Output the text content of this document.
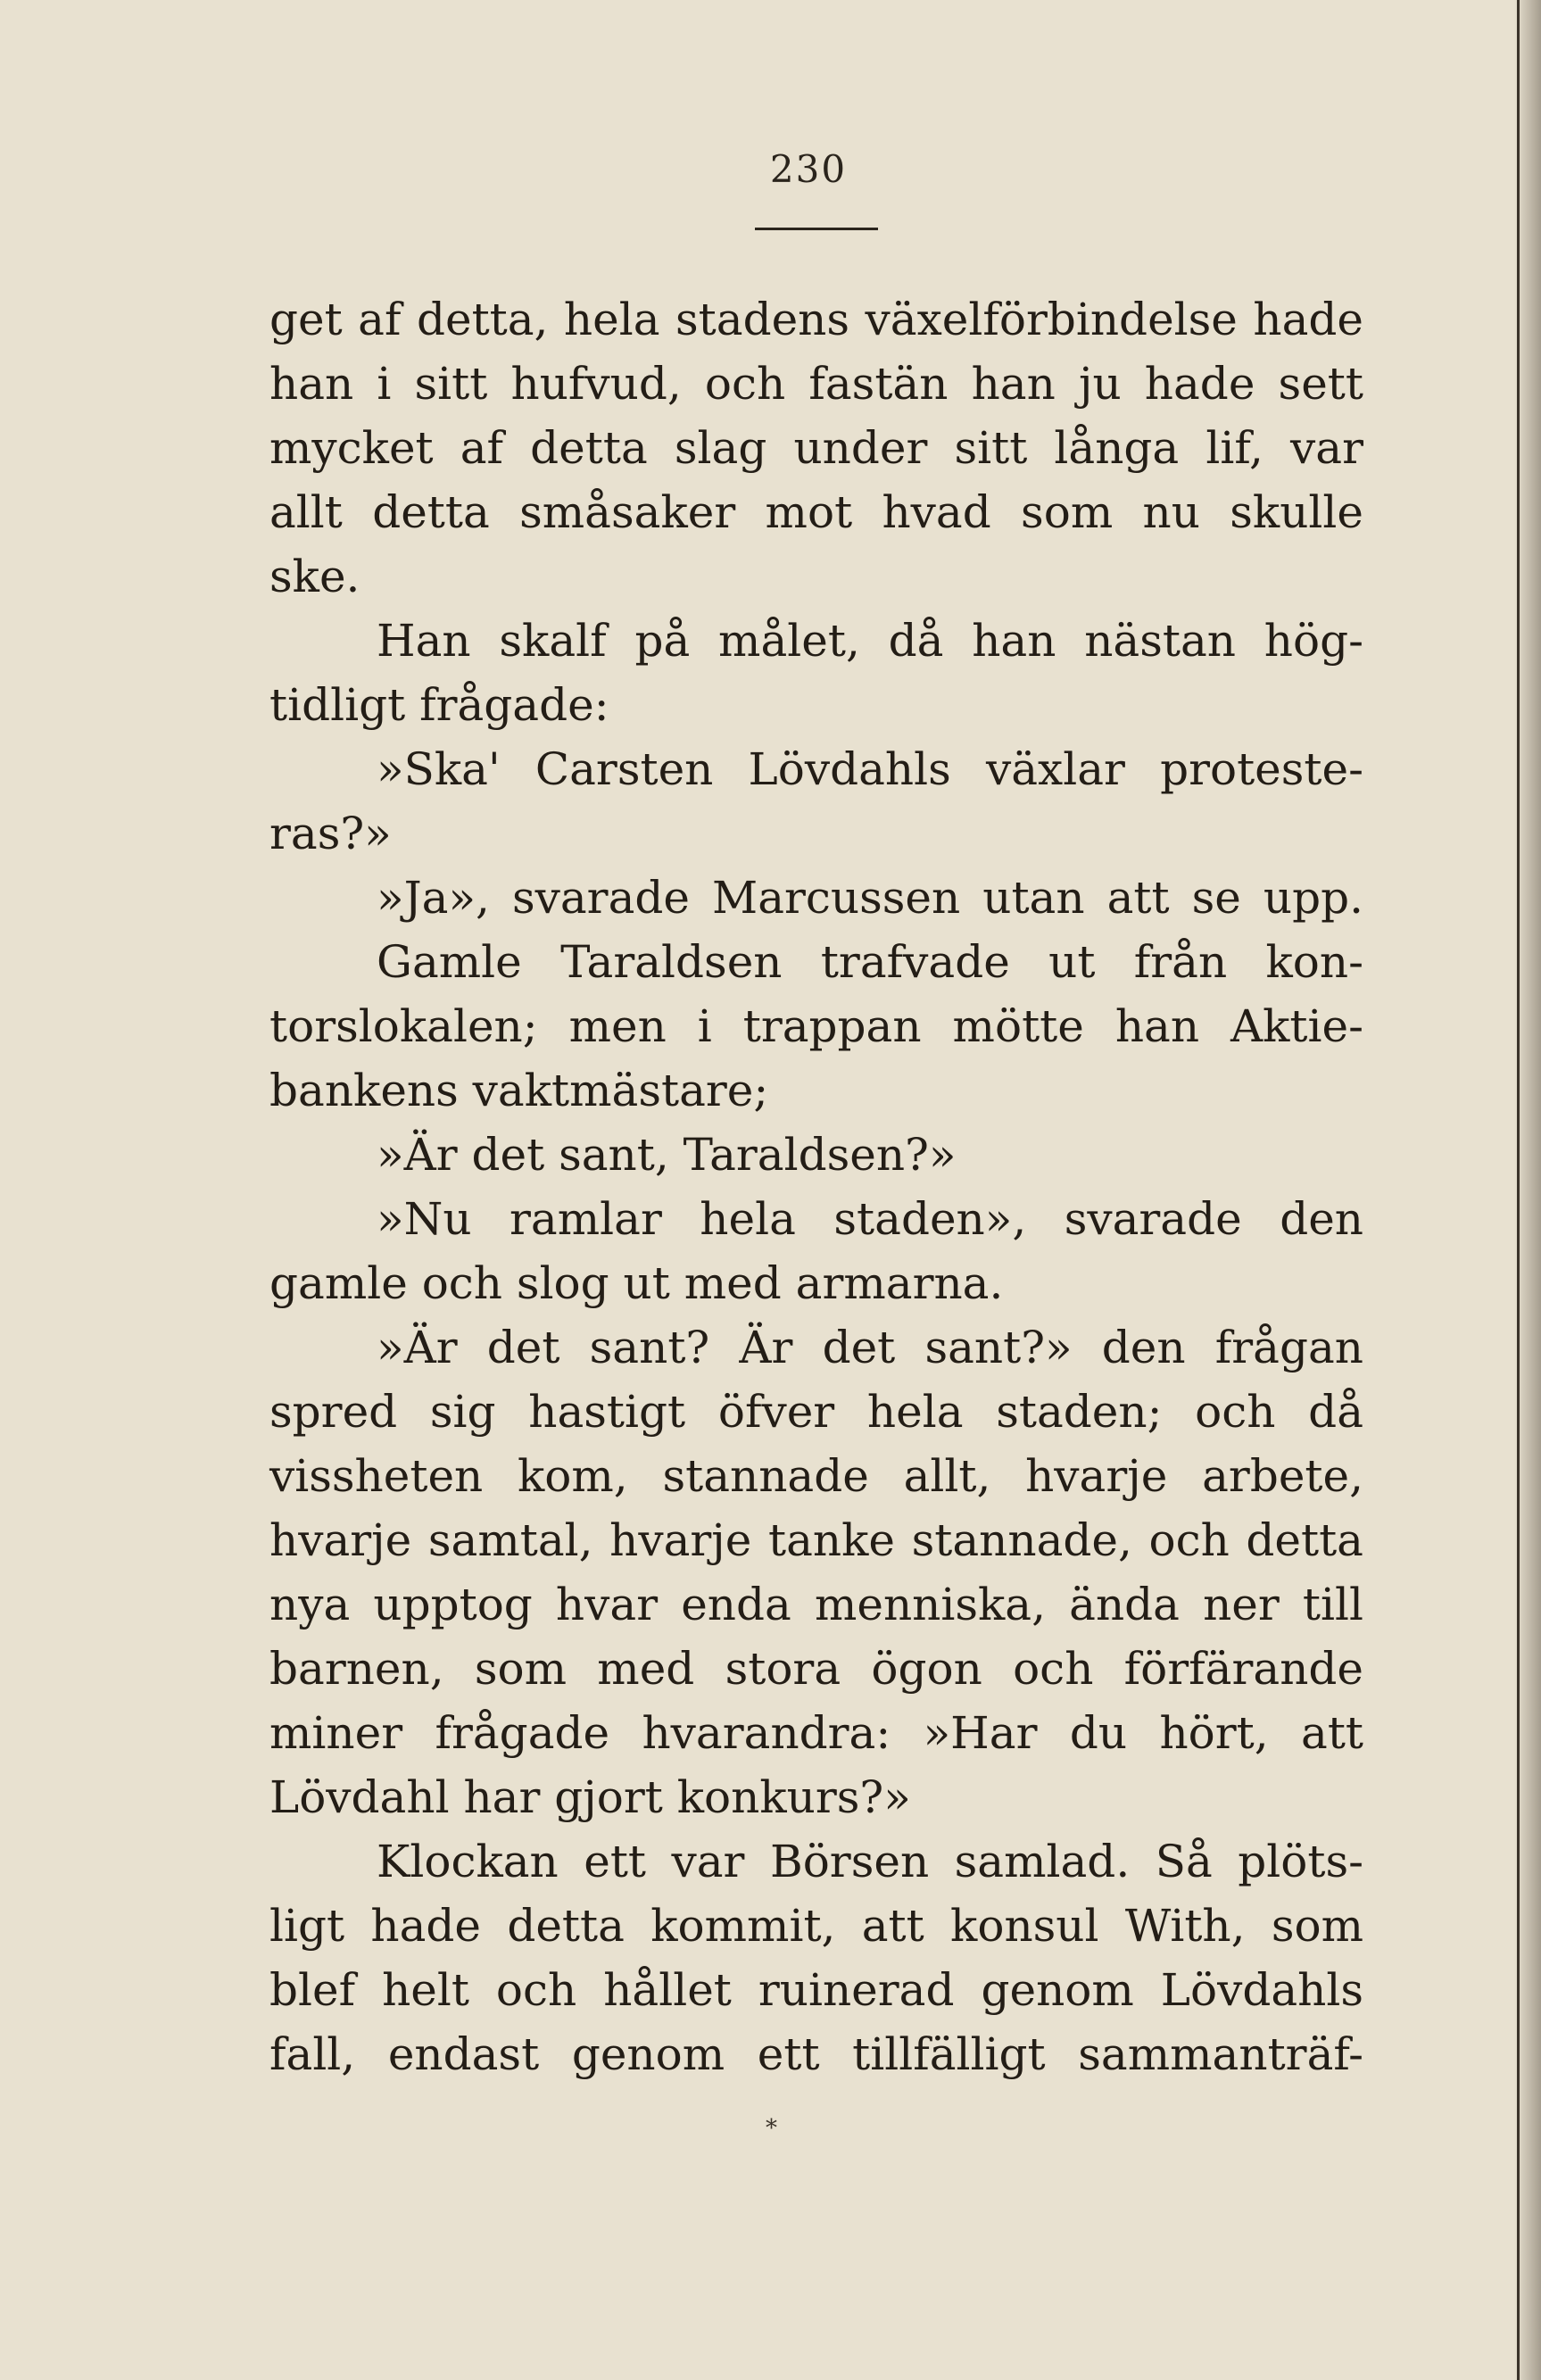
230
get af detta, hela stadens växelförbindelse hade
han i sitt hufvud, och fastän han ju hade sett
mycket af detta slag under sitt långa lif, var
allt detta småsaker mot hvad som nu skulle
ske.
Han skalf på målet, då han nästan hög-
tidligt frågade:
»Ska' Carsten Lövdahls växlar proteste-
ras?»
»Ja», svarade Marcussen utan att se upp.
Gamle Taraldsen trafvade ut från kon-
torslokalen; men i trappan mötte han Aktie-
bankens vaktmästare;
»Är det sant, Taraldsen?»
»Nu ramlar hela staden», svarade den
gamle och slog ut med armarna.
»Är det sant? Är det sant?» den frågan
spred sig hastigt öfver hela staden; och då
vissheten kom, stannade allt, hvarje arbete,
hvarje samtal, hvarje tanke stannade, och detta
nya upptog hvar enda menniska, ända ner till
barnen, som med stora ögon och förfärande
miner frågade hvarandra: »Har du hört, att
Lövdahl har gjort konkurs?»
Klockan ett var Börsen samlad. Så plöts-
ligt hade detta kommit, att konsul With, som
blef helt och hållet ruinerad genom Lövdahls
fall, endast genom ett tillfälligt sammanträf-
*
